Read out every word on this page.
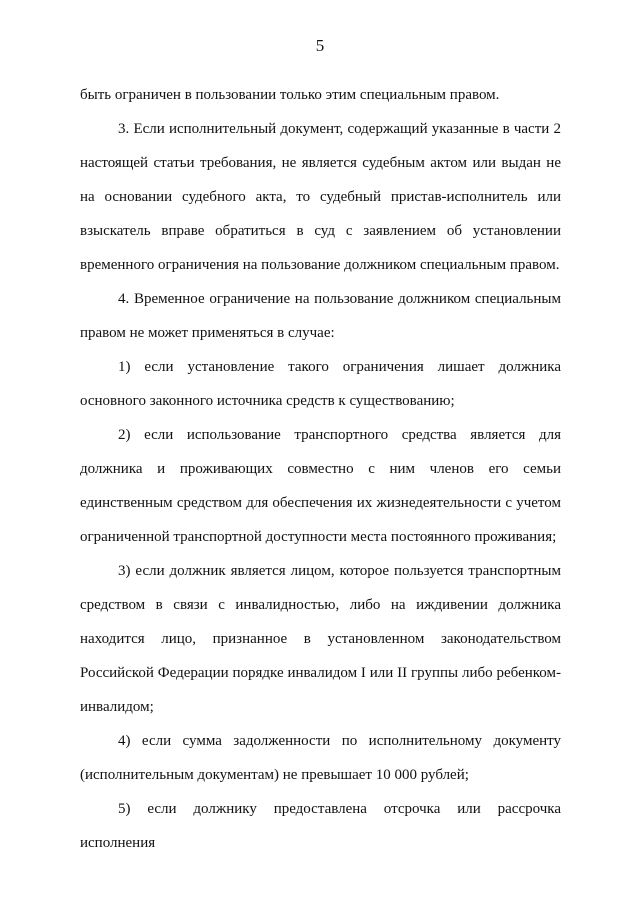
5

быть ограничен в пользовании только этим специальным правом.

3. Если исполнительный документ, содержащий указанные в части 2 настоящей статьи требования, не является судебным актом или выдан не на основании судебного акта, то судебный пристав-исполнитель или взыскатель вправе обратиться в суд с заявлением об установлении временного ограничения на пользование должником специальным правом.

4. Временное ограничение на пользование должником специальным правом не может применяться в случае:

1) если установление такого ограничения лишает должника основного законного источника средств к существованию;

2) если использование транспортного средства является для должника и проживающих совместно с ним членов его семьи единственным средством для обеспечения их жизнедеятельности с учетом ограниченной транспортной доступности места постоянного проживания;

3) если должник является лицом, которое пользуется транспортным средством в связи с инвалидностью, либо на иждивении должника находится лицо, признанное в установленном законодательством Российской Федерации порядке инвалидом I или II группы либо ребенком-инвалидом;

4) если сумма задолженности по исполнительному документу (исполнительным документам) не превышает 10 000 рублей;

5) если должнику предоставлена отсрочка или рассрочка исполнения
